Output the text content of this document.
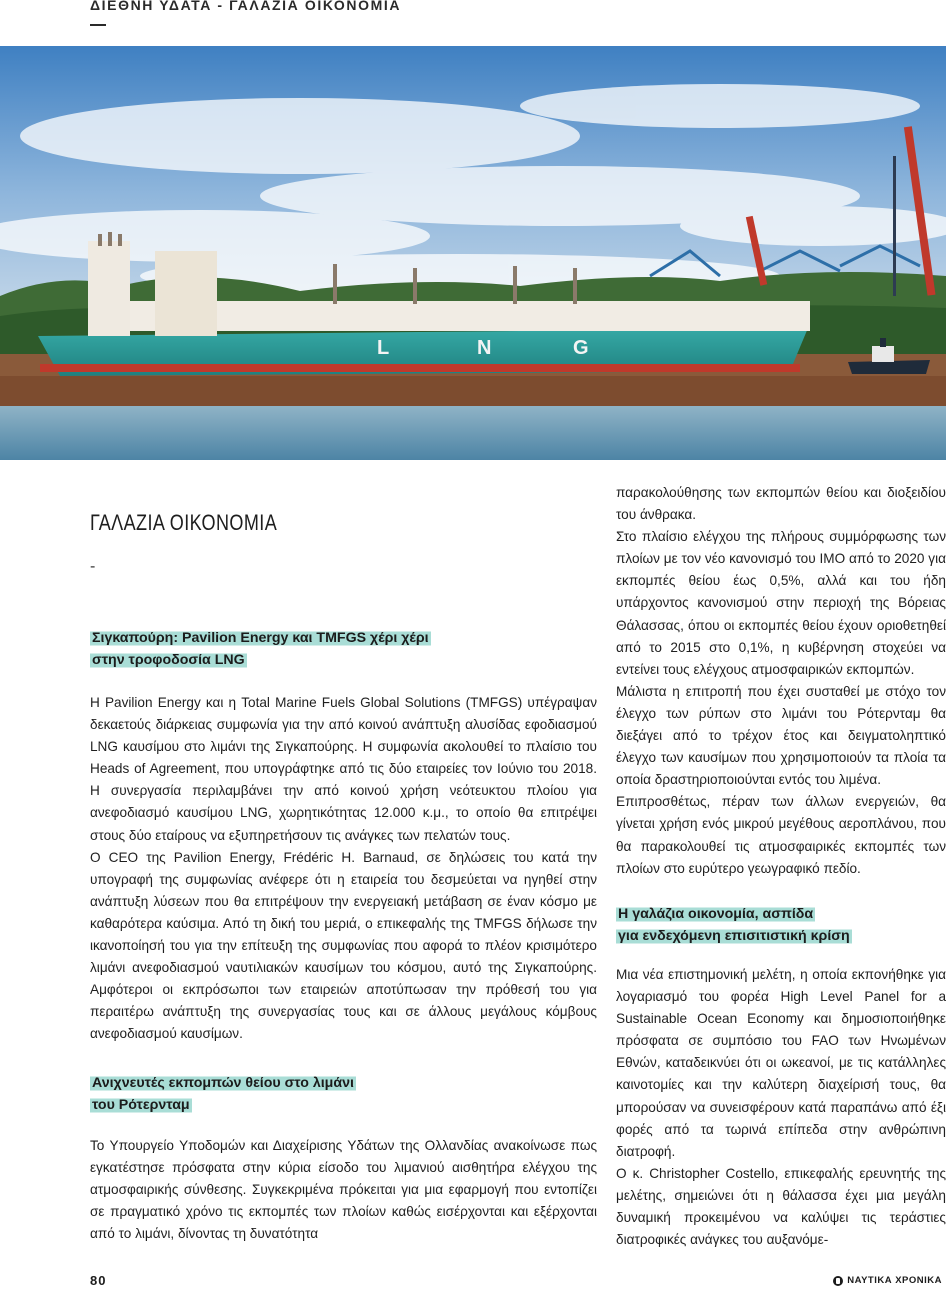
ΔΙΕΘΝΗ ΥΔΑΤΑ - ΓΑΛΑΖΙΑ ΟΙΚΟΝΟΜΙΑ
L	N	G
ΓΑΛΑΖΙΑ ΟΙΚΟΝΟΜΙΑ
-
Σιγκαπούρη: Pavilion Energy και TMFGS χέρι χέρι
στην τροφοδοσία LNG

Η Pavilion Energy και η Total Marine Fuels Global Solutions (TMFGS) υπέγραψαν δεκαετούς διάρκειας συμφωνία για την από κοινού ανάπτυξη αλυσίδας εφοδιασμού LNG καυσίμου στο λιμάνι της Σιγκαπούρης. Η συμφωνία ακολουθεί το πλαίσιο του Heads of Agreement, που υπογράφτηκε από τις δύο εταιρείες τον Ιούνιο του 2018. Η συνεργασία περιλαμβάνει την από κοινού χρήση νεότευκτου πλοίου για ανεφοδιασμό καυσίμου LNG, χωρητικότητας 12.000 κ.μ., το οποίο θα επιτρέψει στους δύο εταίρους να εξυπηρετήσουν τις ανάγκες των πελατών τους.

Ο CEO της Pavilion Energy, Frédéric H. Barnaud, σε δηλώσεις του κατά την υπογραφή της συμφωνίας ανέφερε ότι η εταιρεία του δεσμεύεται να ηγηθεί στην ανάπτυξη λύσεων που θα επιτρέψουν την ενεργειακή μετάβαση σε έναν κόσμο με καθαρότερα καύσιμα. Από τη δική του μεριά, ο επικεφαλής της TMFGS δήλωσε την ικανοποίησή του για την επίτευξη της συμφωνίας που αφορά το πλέον κρισιμότερο λιμάνι ανεφοδιασμού ναυτιλιακών καυσίμων του κόσμου, αυτό της Σιγκαπούρης. Αμφότεροι οι εκπρόσωποι των εταιρειών αποτύπωσαν την πρόθεσή του για περαιτέρω ανάπτυξη της συνεργασίας τους και σε άλλους μεγάλους κόμβους ανεφοδιασμού καυσίμων.

Ανιχνευτές εκπομπών θείου στο λιμάνι
του Ρότερνταμ

Το Υπουργείο Υποδομών και Διαχείρισης Υδάτων της Ολλανδίας ανακοίνωσε πως εγκατέστησε πρόσφατα στην κύρια είσοδο του λιμανιού αισθητήρα ελέγχου της ατμοσφαιρικής σύνθεσης. Συγκεκριμένα πρόκειται για μια εφαρμογή που εντοπίζει σε πραγματικό χρόνο τις εκπομπές των πλοίων καθώς εισέρχονται και εξέρχονται από το λιμάνι, δίνοντας τη δυνατότητα

παρακολούθησης των εκπομπών θείου και διοξειδίου του άνθρακα.

Στο πλαίσιο ελέγχου της πλήρους συμμόρφωσης των πλοίων με τον νέο κανονισμό του IMO από το 2020 για εκπομπές θείου έως 0,5%, αλλά και του ήδη υπάρχοντος κανονισμού στην περιοχή της Βόρειας Θάλασσας, όπου οι εκπομπές θείου έχουν οριοθετηθεί από το 2015 στο 0,1%, η κυβέρνηση στοχεύει να εντείνει τους ελέγχους ατμοσφαιρικών εκπομπών.

Μάλιστα η επιτροπή που έχει συσταθεί με στόχο τον έλεγχο των ρύπων στο λιμάνι του Ρότερνταμ θα διεξάγει από το τρέχον έτος και δειγματοληπτικό έλεγχο των καυσίμων που χρησιμοποιούν τα πλοία τα οποία δραστηριοποιούνται εντός του λιμένα.

Επιπροσθέτως, πέραν των άλλων ενεργειών, θα γίνεται χρήση ενός μικρού μεγέθους αεροπλάνου, που θα παρακολουθεί τις ατμοσφαιρικές εκπομπές των πλοίων στο ευρύτερο γεωγραφικό πεδίο.

Η γαλάζια οικονομία, ασπίδα
για ενδεχόμενη επισιτιστική κρίση

Μια νέα επιστημονική μελέτη, η οποία εκπονήθηκε για λογαριασμό του φορέα High Level Panel for a Sustainable Ocean Economy και δημοσιοποιήθηκε πρόσφατα σε συμπόσιο του FAO των Ηνωμένων Εθνών, καταδεικνύει ότι οι ωκεανοί, με τις κατάλληλες καινοτομίες και την καλύτερη διαχείρισή τους, θα μπορούσαν να συνεισφέρουν κατά παραπάνω από έξι φορές από τα τωρινά επίπεδα στην ανθρώπινη διατροφή.

Ο κ. Christopher Costello, επικεφαλής ερευνητής της μελέτης, σημειώνει ότι η θάλασσα έχει μια μεγάλη δυναμική προκειμένου να καλύψει τις τεράστιες διατροφικές ανάγκες του αυξανόμε-

80	ΝΑΥΤΙΚΑ ΧΡΟΝΙΚΑ
